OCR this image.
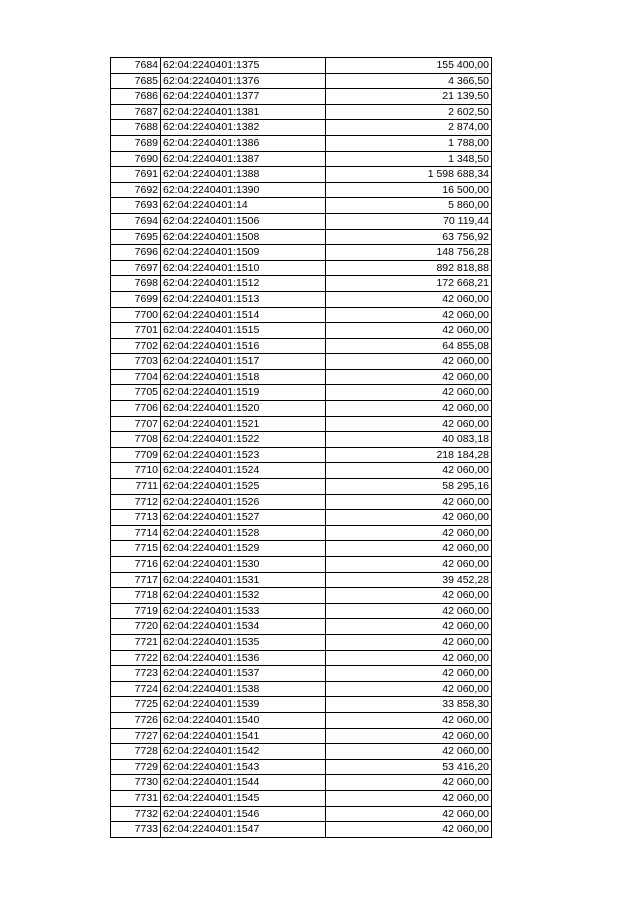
7684	62:04:2240401:1375	155 400,00
7685	62:04:2240401:1376	4 366,50
7686	62:04:2240401:1377	21 139,50
7687	62:04:2240401:1381	2 602,50
7688	62:04:2240401:1382	2 874,00
7689	62:04:2240401:1386	1 788,00
7690	62:04:2240401:1387	1 348,50
7691	62:04:2240401:1388	1 598 688,34
7692	62:04:2240401:1390	16 500,00
7693	62:04:2240401:14	5 860,00
7694	62:04:2240401:1506	70 119,44
7695	62:04:2240401:1508	63 756,92
7696	62:04:2240401:1509	148 756,28
7697	62:04:2240401:1510	892 818,88
7698	62:04:2240401:1512	172 668,21
7699	62:04:2240401:1513	42 060,00
7700	62:04:2240401:1514	42 060,00
7701	62:04:2240401:1515	42 060,00
7702	62:04:2240401:1516	64 855,08
7703	62:04:2240401:1517	42 060,00
7704	62:04:2240401:1518	42 060,00
7705	62:04:2240401:1519	42 060,00
7706	62:04:2240401:1520	42 060,00
7707	62:04:2240401:1521	42 060,00
7708	62:04:2240401:1522	40 083,18
7709	62:04:2240401:1523	218 184,28
7710	62:04:2240401:1524	42 060,00
7711	62:04:2240401:1525	58 295,16
7712	62:04:2240401:1526	42 060,00
7713	62:04:2240401:1527	42 060,00
7714	62:04:2240401:1528	42 060,00
7715	62:04:2240401:1529	42 060,00
7716	62:04:2240401:1530	42 060,00
7717	62:04:2240401:1531	39 452,28
7718	62:04:2240401:1532	42 060,00
7719	62:04:2240401:1533	42 060,00
7720	62:04:2240401:1534	42 060,00
7721	62:04:2240401:1535	42 060,00
7722	62:04:2240401:1536	42 060,00
7723	62:04:2240401:1537	42 060,00
7724	62:04:2240401:1538	42 060,00
7725	62:04:2240401:1539	33 858,30
7726	62:04:2240401:1540	42 060,00
7727	62:04:2240401:1541	42 060,00
7728	62:04:2240401:1542	42 060,00
7729	62:04:2240401:1543	53 416,20
7730	62:04:2240401:1544	42 060,00
7731	62:04:2240401:1545	42 060,00
7732	62:04:2240401:1546	42 060,00
7733	62:04:2240401:1547	42 060,00
